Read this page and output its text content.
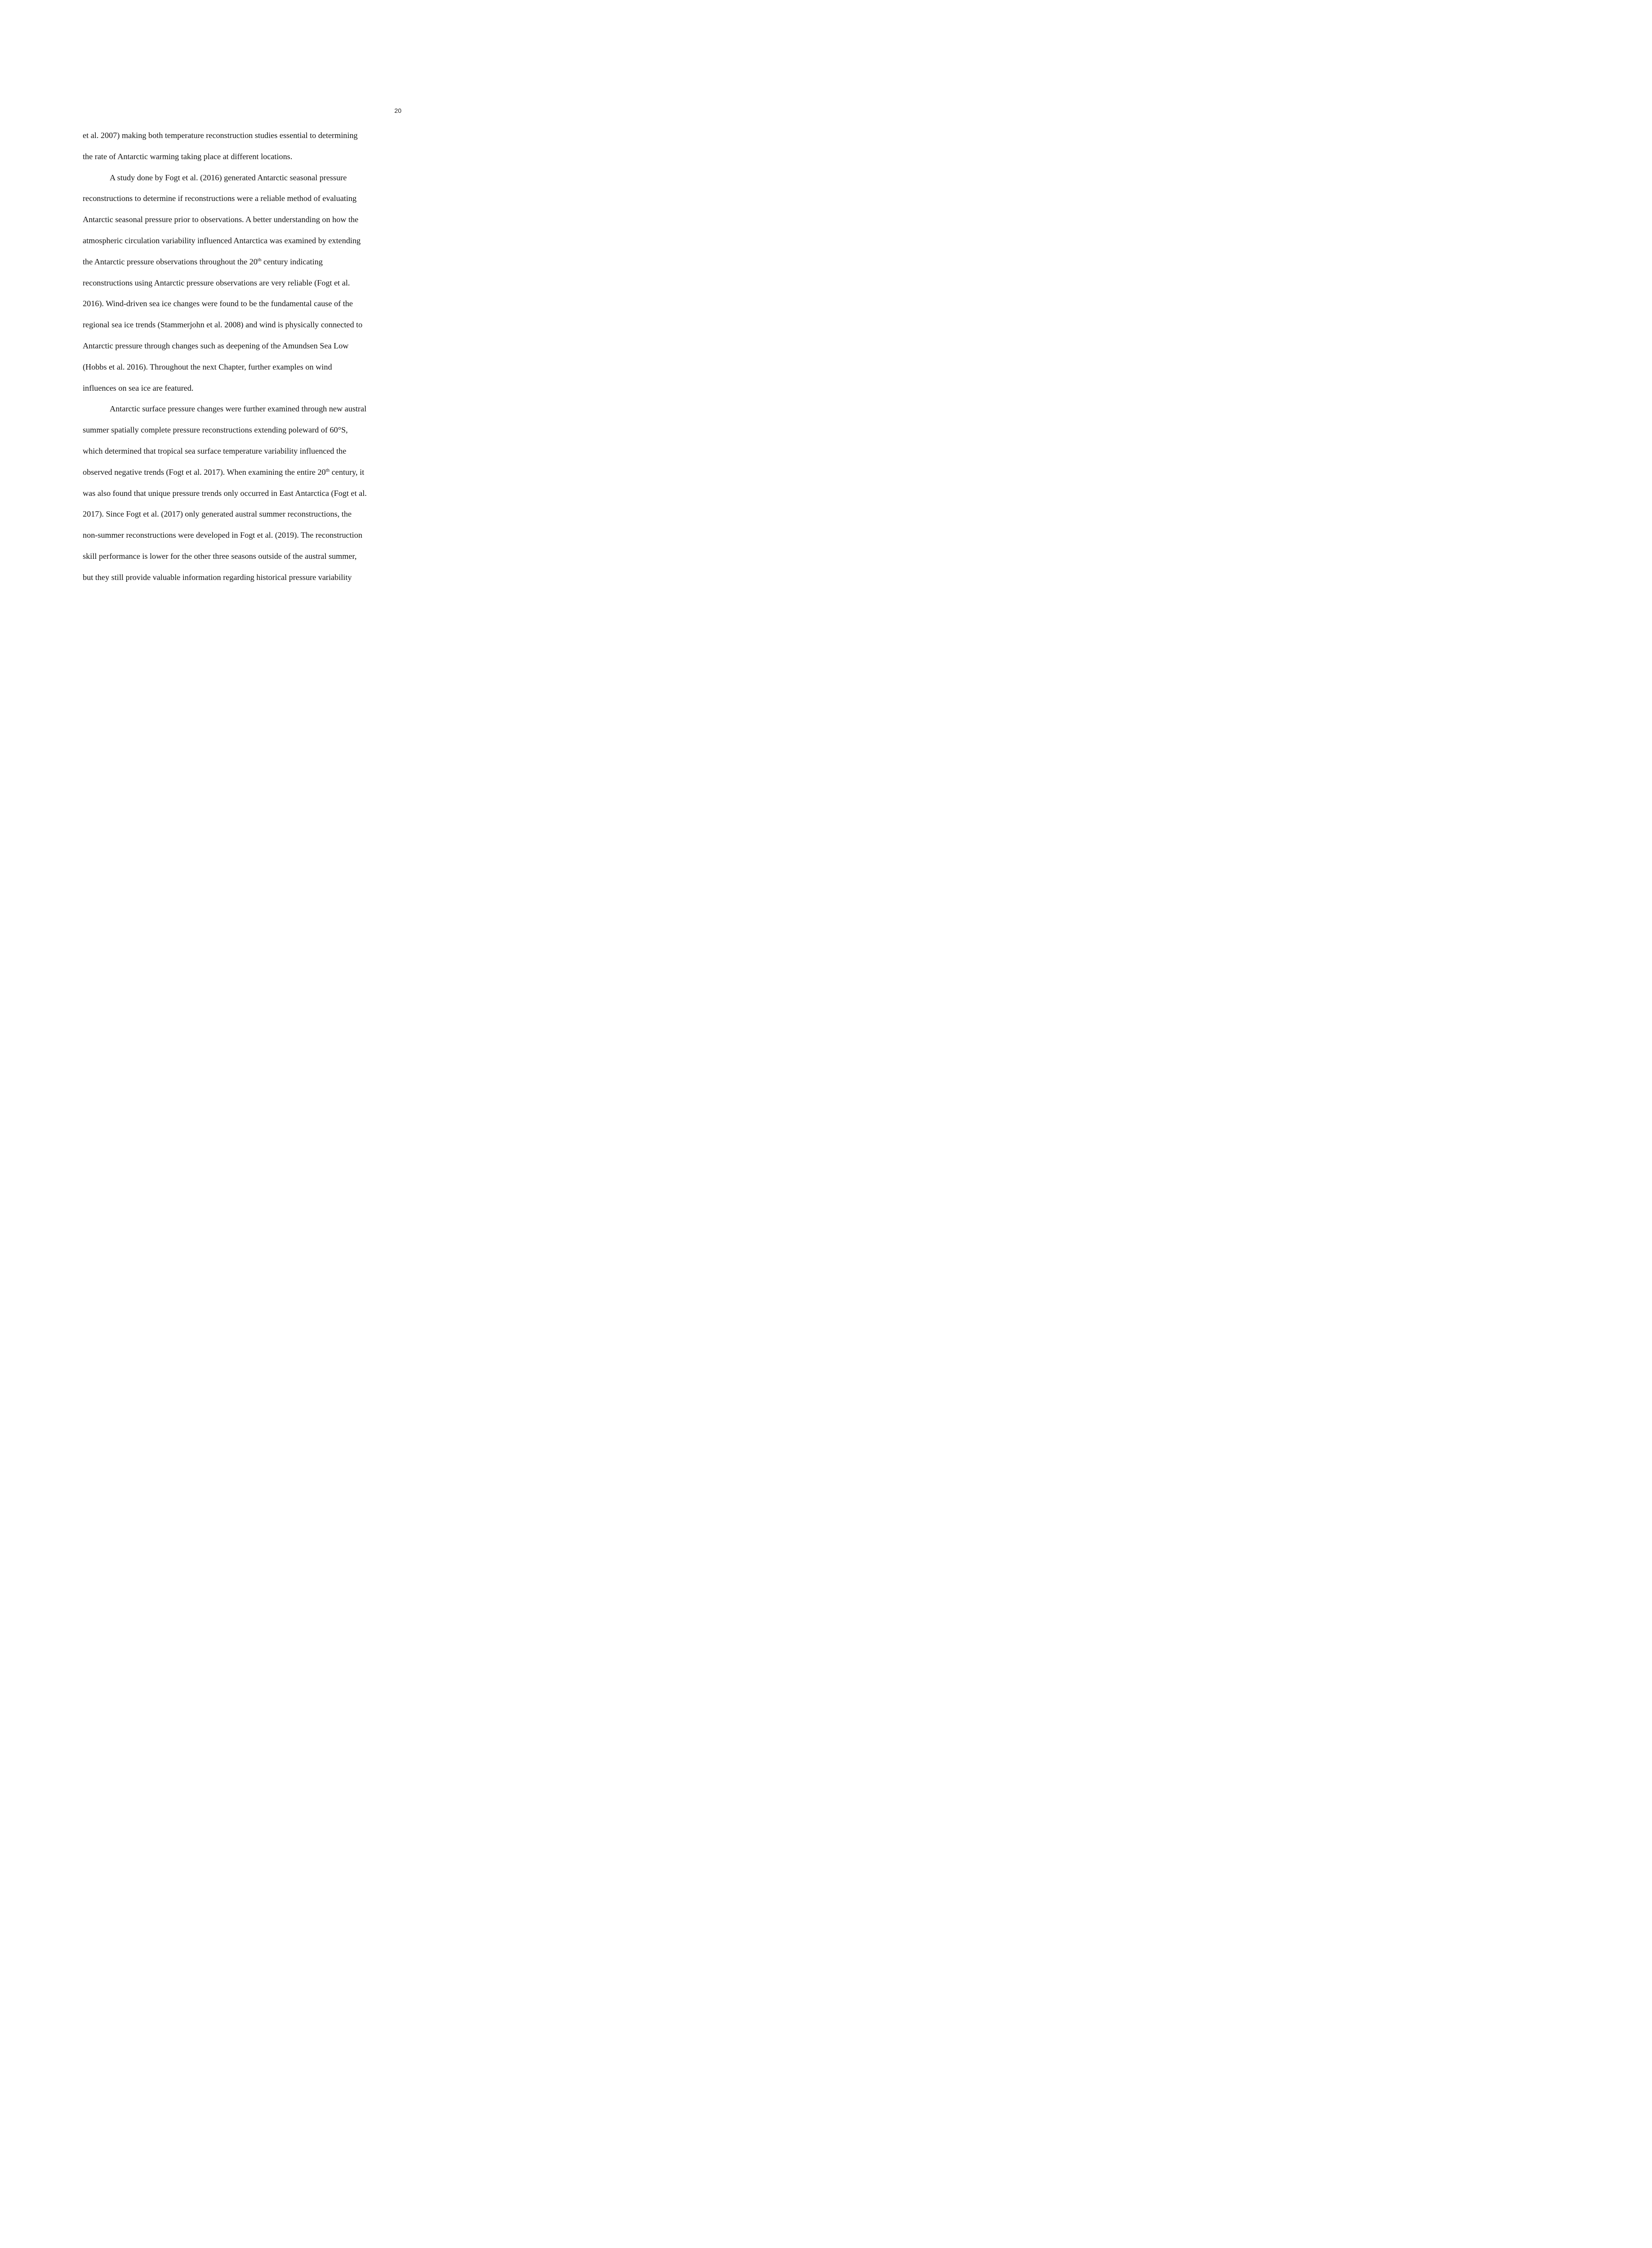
20
et al. 2007) making both temperature reconstruction studies essential to determining
the rate of Antarctic warming taking place at different locations.
A study done by Fogt et al. (2016) generated Antarctic seasonal pressure
reconstructions to determine if reconstructions were a reliable method of evaluating
Antarctic seasonal pressure prior to observations. A better understanding on how the
atmospheric circulation variability influenced Antarctica was examined by extending
the Antarctic pressure observations throughout the 20th century indicating
reconstructions using Antarctic pressure observations are very reliable (Fogt et al.
2016). Wind-driven sea ice changes were found to be the fundamental cause of the
regional sea ice trends (Stammerjohn et al. 2008) and wind is physically connected to
Antarctic pressure through changes such as deepening of the Amundsen Sea Low
(Hobbs et al. 2016). Throughout the next Chapter, further examples on wind
influences on sea ice are featured.
Antarctic surface pressure changes were further examined through new austral
summer spatially complete pressure reconstructions extending poleward of 60°S,
which determined that tropical sea surface temperature variability influenced the
observed negative trends (Fogt et al. 2017). When examining the entire 20th century, it
was also found that unique pressure trends only occurred in East Antarctica (Fogt et al.
2017). Since Fogt et al. (2017) only generated austral summer reconstructions, the
non-summer reconstructions were developed in Fogt et al. (2019). The reconstruction
skill performance is lower for the other three seasons outside of the austral summer,
but they still provide valuable information regarding historical pressure variability
